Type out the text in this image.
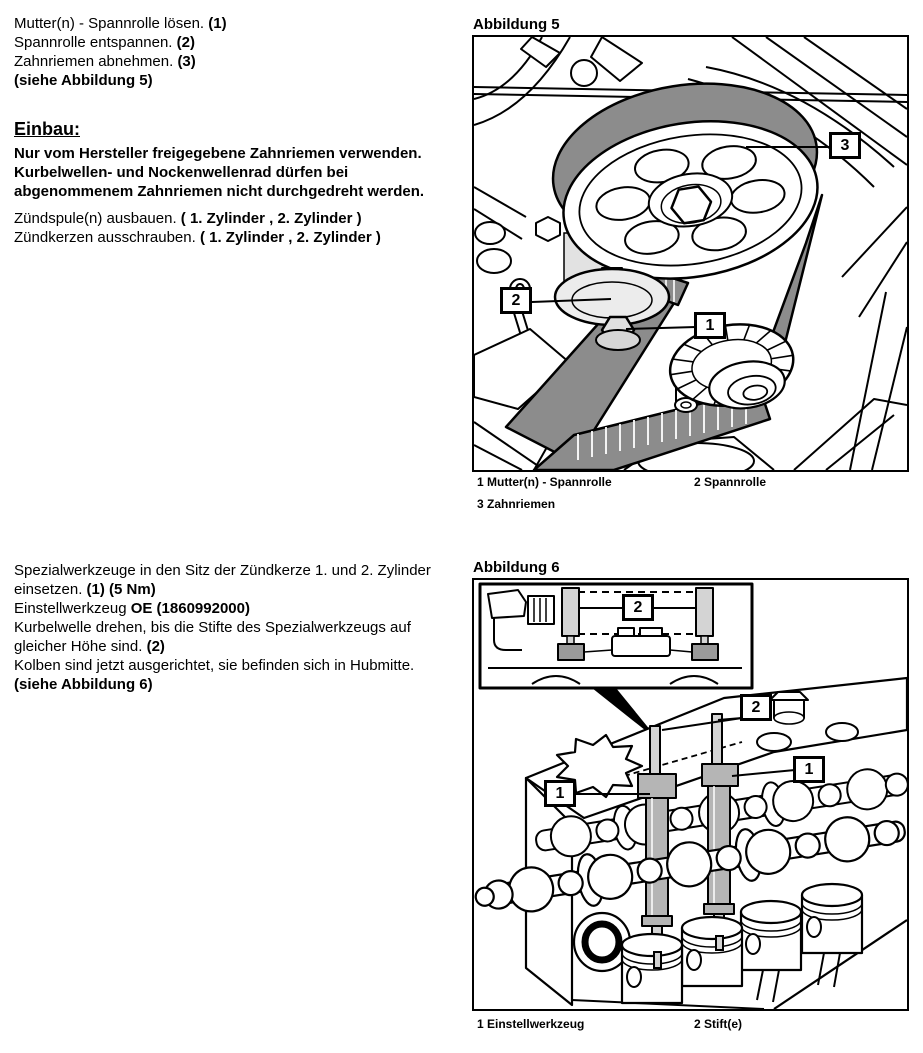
Mutter(n) - Spannrolle lösen. (1)
Spannrolle entspannen. (2)
Zahnriemen abnehmen. (3)
(siehe Abbildung 5)
Einbau:
Nur vom Hersteller freigegebene Zahnriemen verwenden.
Kurbelwellen- und Nockenwellenrad dürfen bei
abgenommenem Zahnriemen nicht durchgedreht werden.
Zündspule(n) ausbauen. ( 1. Zylinder , 2. Zylinder )
Zündkerzen ausschrauben. ( 1. Zylinder , 2. Zylinder )
Spezialwerkzeuge in den Sitz der Zündkerze 1. und 2. Zylinder
einsetzen. (1) (5 Nm)
Einstellwerkzeug OE (1860992000)
Kurbelwelle drehen, bis die Stifte des Spezialwerkzeugs auf
gleicher Höhe sind. (2)
Kolben sind jetzt ausgerichtet, sie befinden sich in Hubmitte.
(siehe Abbildung 6)
Abbildung 5
2
1
3
1 Mutter(n) - Spannrolle	2 Spannrolle
3 Zahnriemen
Abbildung 6
2
2
1
1
1 Einstellwerkzeug	2 Stift(e)
